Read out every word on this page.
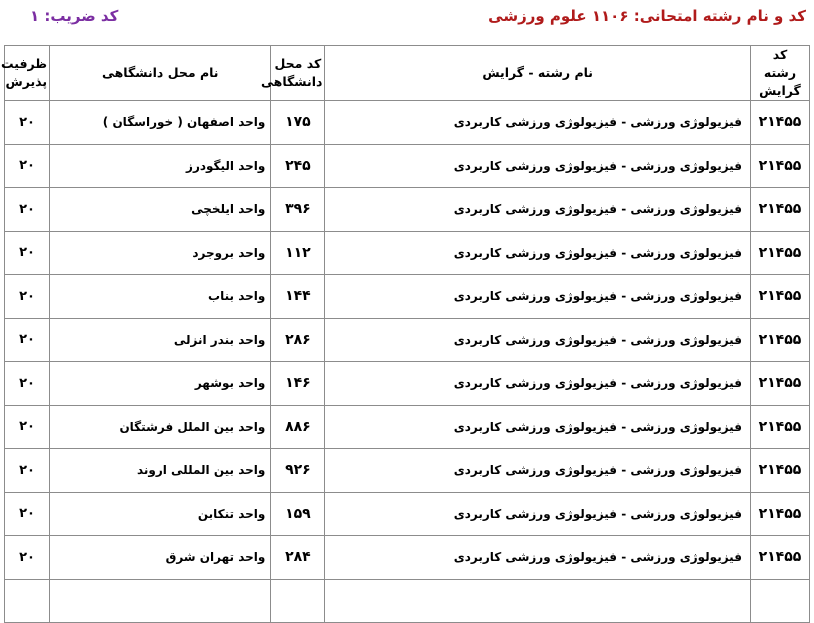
کد و نام رشته امتحانی: ۱۱۰۶ علوم ورزشی
کد ضریب: ۱
کد رشته گرایش	نام رشته - گرایش	کد محل دانشگاهی	نام محل دانشگاهی	ظرفیت پذیرش

۲۱۴۵۵	فیزیولوژی ورزشی - فیزیولوژی ورزشی کاربردی	۱۷۵	واحد اصفهان ( خوراسگان )	۲۰
۲۱۴۵۵	فیزیولوژی ورزشی - فیزیولوژی ورزشی کاربردی	۲۴۵	واحد الیگودرز	۲۰
۲۱۴۵۵	فیزیولوژی ورزشی - فیزیولوژی ورزشی کاربردی	۳۹۶	واحد ایلخچی	۲۰
۲۱۴۵۵	فیزیولوژی ورزشی - فیزیولوژی ورزشی کاربردی	۱۱۲	واحد بروجرد	۲۰
۲۱۴۵۵	فیزیولوژی ورزشی - فیزیولوژی ورزشی کاربردی	۱۴۴	واحد بناب	۲۰
۲۱۴۵۵	فیزیولوژی ورزشی - فیزیولوژی ورزشی کاربردی	۲۸۶	واحد بندر انزلی	۲۰
۲۱۴۵۵	فیزیولوژی ورزشی - فیزیولوژی ورزشی کاربردی	۱۴۶	واحد بوشهر	۲۰
۲۱۴۵۵	فیزیولوژی ورزشی - فیزیولوژی ورزشی کاربردی	۸۸۶	واحد بین الملل فرشتگان	۲۰
۲۱۴۵۵	فیزیولوژی ورزشی - فیزیولوژی ورزشی کاربردی	۹۲۶	واحد بین المللی اروند	۲۰
۲۱۴۵۵	فیزیولوژی ورزشی - فیزیولوژی ورزشی کاربردی	۱۵۹	واحد تنکابن	۲۰
۲۱۴۵۵	فیزیولوژی ورزشی - فیزیولوژی ورزشی کاربردی	۲۸۴	واحد تهران شرق	۲۰
